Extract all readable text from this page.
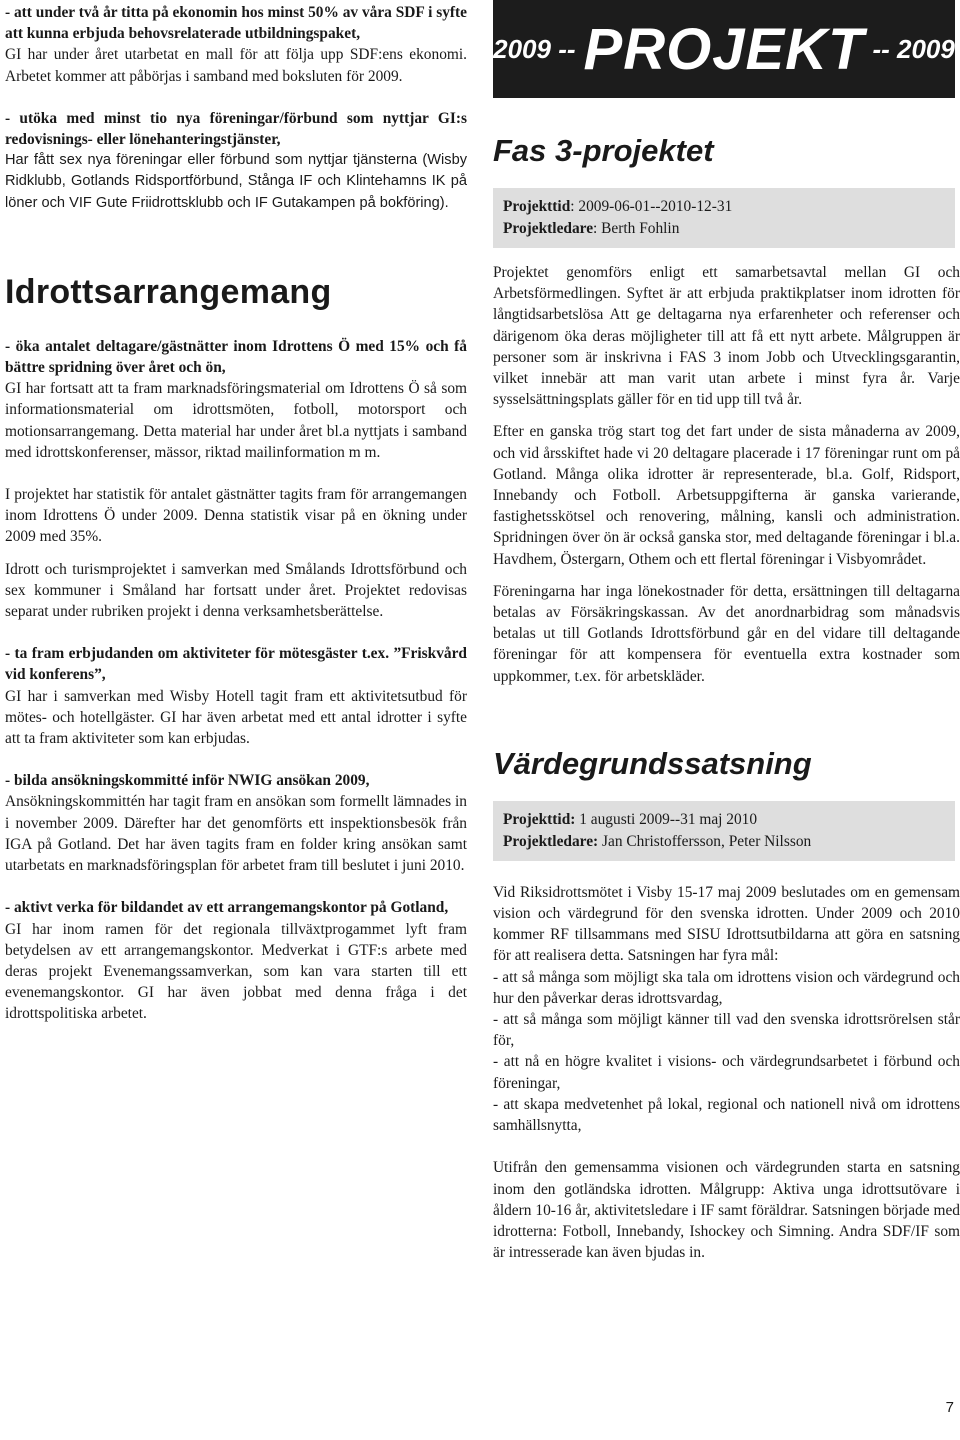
- att under två år titta på ekonomin hos minst 50% av våra SDF i syfte att kunna erbjuda behovsrelaterade utbildningspaket,

GI har under året utarbetat en mall för att följa upp SDF:ens ekonomi. Arbetet kommer att påbörjas i samband med boksluten för 2009.

- utöka med minst tio nya föreningar/förbund som nyttjar GI:s redovisnings- eller lönehanteringstjänster,

Har fått sex nya föreningar eller förbund som nyttjar tjänsterna (Wisby Ridklubb, Gotlands Ridsportförbund, Stånga IF och Klintehamns IK på löner och VIF Gute Friidrottsklubb och IF Gutakampen på bokföring).

Idrottsarrangemang

- öka antalet deltagare/gästnätter inom Idrottens Ö med 15% och få bättre spridning över året och ön,

GI har fortsatt att ta fram marknadsföringsmaterial om Idrottens Ö så som informationsmaterial om idrottsmöten, fotboll, motorsport och motionsarrangemang. Detta material har under året bl.a nyttjats i samband med idrottskonferenser, mässor, riktad mailinformation m m.

I projektet har statistik för antalet gästnätter tagits fram för arrangemangen inom Idrottens Ö under 2009. Denna statistik visar på en ökning under 2009 med 35%.

Idrott och turismprojektet i samverkan med Smålands Idrottsförbund och sex kommuner i Småland har fortsatt under året. Projektet redovisas separat under rubriken projekt i denna verksamhetsberättelse.

- ta fram erbjudanden om aktiviteter för mötesgäster t.ex. ”Friskvård vid konferens”,

GI har i samverkan med Wisby Hotell tagit fram ett aktivitetsutbud för mötes- och hotellgäster. GI har även arbetat med ett antal idrotter i syfte att ta fram aktiviteter som kan erbjudas.

- bilda ansökningskommitté inför NWIG ansökan 2009,

Ansökningskommittén har tagit fram en ansökan som formellt lämnades in i november 2009. Därefter har det genomförts ett inspektionsbesök från IGA på Gotland. Det har även tagits fram en folder kring ansökan samt utarbetats en marknadsföringsplan för arbetet fram till beslutet i juni 2010.

- aktivt verka för bildandet av ett arrangemangskontor på Gotland,

GI har inom ramen för det regionala tillväxtprogammet lyft fram betydelsen av ett arrangemangskontor. Medverkat i GTF:s arbete med deras projekt Evenemangssamverkan, som kan vara starten till ett evenemangskontor. GI har även jobbat med denna fråga i det idrottspolitiska arbetet.

2009 -- PROJEKT -- 2009
Fas 3-projektet
Projekttid: 2009-06-01--2010-12-31
Projektledare: Berth Fohlin

Projektet genomförs enligt ett samarbetsavtal mellan GI och Arbetsförmedlingen. Syftet är att erbjuda praktikplatser inom idrotten för långtidsarbetslösa Att ge deltagarna nya erfarenheter och referenser och därigenom öka deras möjligheter till att få ett nytt arbete. Målgruppen är personer som är inskrivna i FAS 3 inom Jobb och Utvecklingsgarantin, vilket innebär att man varit utan arbete i minst fyra år. Varje sysselsättningsplats gäller för en tid upp till två år.

Efter en ganska trög start tog det fart under de sista månaderna av 2009, och vid årsskiftet hade vi 20 deltagare placerade i 17 föreningar runt om på Gotland. Många olika idrotter är representerade, bl.a. Golf, Ridsport, Innebandy och Fotboll. Arbetsuppgifterna är ganska varierande, fastighetsskötsel och renovering, målning, kansli och administration. Spridningen över ön är också ganska stor, med deltagande föreningar i bl.a. Havdhem, Östergarn, Othem och ett flertal föreningar i Visbyområdet.

Föreningarna har inga lönekostnader för detta, ersättningen till deltagarna betalas av Försäkringskassan. Av det anordnarbidrag som månadsvis betalas ut till Gotlands Idrottsförbund går en del vidare till deltagande föreningar för att kompensera för eventuella extra kostnader som uppkommer, t.ex. för arbetskläder.

Värdegrundssatsning
Projekttid: 1 augusti 2009--31 maj 2010
Projektledare: Jan Christoffersson, Peter Nilsson

Vid Riksidrottsmötet i Visby 15-17 maj 2009 beslutades om en gemensam vision och värdegrund för den svenska idrotten. Under 2009 och 2010 kommer RF tillsammans med SISU Idrottsutbildarna att göra en satsning för att realisera detta. Satsningen har fyra mål:

- att så många som möjligt ska tala om idrottens vision och värdegrund och hur den påverkar deras idrottsvardag,

- att så många som möjligt känner till vad den svenska idrottsrörelsen står för,

- att nå en högre kvalitet i visions- och värdegrundsarbetet i förbund och föreningar,

- att skapa medvetenhet på lokal, regional och nationell nivå om idrottens samhällsnytta,

Utifrån den gemensamma visionen och värdegrunden starta en satsning inom den gotländska idrotten. Målgrupp: Aktiva unga idrottsutövare i åldern 10-16 år, aktivitetsledare i IF samt föräldrar. Satsningen började med idrotterna: Fotboll, Innebandy, Ishockey och Simning. Andra SDF/IF som är intresserade kan även bjudas in.

7
